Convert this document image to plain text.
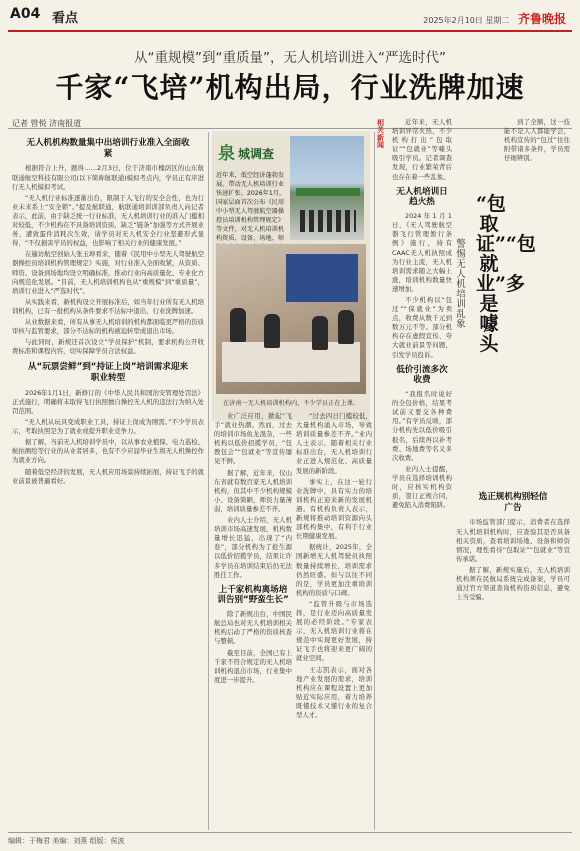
A04 看点	2025年2月10日 星期二 齐鲁晚报
从“重规模”到“重质量”，无人机培训进入“严选时代”
千家“飞培”机构出局，行业洗牌加速
记者 管悦 济南报道
无人机机构数量集中出培训行业准入全面收紧

根据符合上升，题得……2月3日，位于济南市槐荫区的山东航联通航空科技有限公司(以下简称航联通)模拟考点内，学员正有序进行无人机模拟考试。

“无人机行业标准逐渐出台，限制于入飞行的安全会性，也为行业未来系上“安全锁”。”提及航联通，航联通培训训部负责人向记者表示，此前，由于缺乏统一行业标准，无人机培训行业的准入门槛相对较低，不少机构在不具备培训资质、缺乏“链条”加强等方式开展业务，遭致蛋件消耗次生效，请学员对无人机安全行业坚避形式显得，“不仅损害学员的权益，也影响了相关行业的健康发展。”

在遍访航空创始人张玉坤看来，随着《民用中小型无人驾驶航空器操控员培训机构管理规定》实施，对行业准入全面收紧，从资质、师资、设备到场地均设立明确标准，推动行业向高质量化、专业化方向规范化发展。“目前，无人机培训机构也从“重规模”到“重质量”，培训行业进入“严选时代”。

从实践来看，新机构设立开展标准后，如当年行业所有无人机培训机构，已有一批机构从条件要求不达标中退出，行业洗牌加速。

从业数据来看，所有从事无人机培训的机构都面临更严格的资质审核与监管要求，部分不达标的机构被迫转型或退出市场。

与此同时，新规还首次设立“学员保护”机制，要求机构公开收费标准和课程内容，切实保障学员合法权益。

从“玩票尝鲜”到“持证上岗”培训需求迎来职业转型

2026年1月1日，新修订的《中华人民共和国治安管理处罚法》正式施行，明确将未取得飞行执照擅自操控无人机的违法行为纳入处罚范围。

“无人机从玩具变成职业工具，持证上岗成为刚需。”不少学员表示，考取执照是为了就业或提升职业竞争力。

据了解，当前无人机培训学员中，以从事农业植保、电力巡检、航拍测绘等行业的从业者居多，也有不少应届毕业生将无人机操控作为就业方向。

随着低空经济的发展，无人机应用场景持续拓展，持证飞手的就业前景被普遍看好。

泉 城调查
近年来，低空经济蓬勃发展，带动无人机培训行业快速扩张。2026年1月，国家层面首次公布《民用中小型无人驾驶航空器操控员培训机构管理规定》等文件，对无人机培训机构资质、设备、场地、师
在济南一无人机培训机构内，不少学员正在上课。

业广泛应用，掀起“飞手”就业热潮。然而，过去的培训市场鱼龙混杂，一些机构以低价招揽学员，“包教包会”“包就业”等宣传屡见不鲜。

据了解，近年来，仅山东省就有数百家无人机培训机构，但其中不少机构规模小、设备简陋，师资力量薄弱，培训质量参差不齐。

业内人士介绍，无人机培训市场高速发展，机构数量增长迅猛，出现了“内卷”，部分机构为了抢生源以低价招揽学员，结果让许多学员在培训结束后仍无法胜任工作。

上千家机构离场培训告别“野蛮生长”

除了新规出台，中国民航总局也对无人机培训相关机构启动了严格的资质核查与整顿。

截至目前，全国已有上千家不符合规定的无人机培训机构退出市场，行业集中度进一步提升。

“过去四日门槛较低，大量机构涌入市场，导致培训质量参差不齐。”业内人士表示，随着相关行业标准出台，无人机培训行业正进入规范化、高质量发展的新阶段。

事实上，在这一轮行业洗牌中，具有实力的培训机构正迎来新的发展机遇。有机构负责人表示，新规将推动培训资源向头部机构集中，有利于行业长期健康发展。

据统计，2025年，全国新增无人机驾驶员执照数量持续增长，培训需求仍然旺盛。但与以往不同的是，学员更加注重培训机构的资质与口碑。

“监管升级与市场选择，是行业迈向高质量发展的必经阶段。”专家表示，无人机培训行业将在规范中实现更好发展，持证飞手也将迎来更广阔的就业空间。

王志凯表示，面对各地产业发展的需求，培训机构应在课程设置上更加贴近实际应用，着力培养既懂技术又懂行业的复合型人才。

相关新闻

近年来，无人机培训异常火热，不少机构打出“包取证”“包就业”等噱头吸引学员。记者调查发现，行业繁荣背后也存在着一些乱象。

无人机培训日趋火热

2024年1月1日，《无人驾驶航空器飞行管理暂行条例》施行，持有CAAC无人机执照成为行业主流，无人机培训需求随之大幅上涨，培训机构数量快速增加。

不少机构以“包过”“保就业”为卖点，收费从数千元到数万元不等。部分机构存在虚假宣传、夸大就业前景等问题，引发学员投诉。

低价引流多次收费

“我报名时说好的全包价格，结果考试前又要交各种费用。”有学员反映，部分机构先以低价吸引报名，后续再以补考费、场地费等名义多次收费。

业内人士提醒，学员在选择培训机构时，应核实机构资质，签订正规合同，避免陷入消费陷阱。

“包取证”“包就业”多是噱头
警惕无人机培训乱象

到了全额，这一技能不是人人都能学会，机构宣传的“包过”往往附带诸多条件，学员需仔细辨别。

选正规机构别轻信广告

市场监管部门提示，消费者在选择无人机培训机构时，应查验其是否具备相关资质，查看培训场地、设备和师资情况，理性看待“包取证”“包就业”等宣传承诺。

据了解，新规实施后，无人机培训机构须在民航局系统完成备案，学员可通过官方渠道查询机构资质信息，避免上当受骗。

编辑：于梅君 美编：刘燕 组版：侯波
